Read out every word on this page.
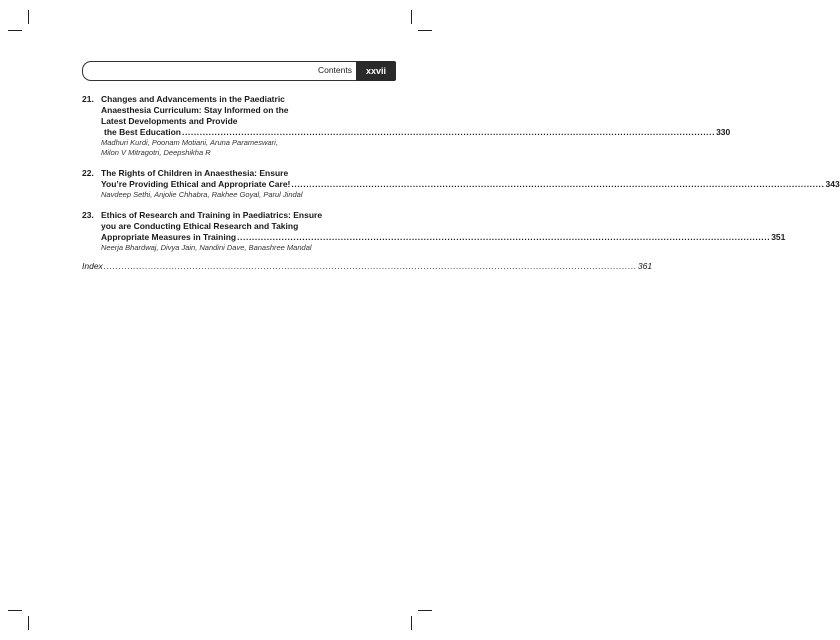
Contents	xxvii
21. Changes and Advancements in the Paediatric
Anaesthesia Curriculum: Stay Informed on the
Latest Developments and Provide
the Best Education .................................................................................................................................................................................... 330
Madhuri Kurdi, Poonam Motiani, Aruna Parameswari,
Milon V Mitragotri, Deepshikha R
22. The Rights of Children in Anaesthesia: Ensure
You’re Providing Ethical and Appropriate Care! .................................................................................................................................................................................... 343
Navdeep Sethi, Anjolie Chhabra, Rakhee Goyal, Parul Jindal
23. Ethics of Research and Training in Paediatrics: Ensure
you are Conducting Ethical Research and Taking
Appropriate Measures in Training .................................................................................................................................................................................... 351
Neerja Bhardwaj, Divya Jain, Nandini Dave, Banashree Mandal
Index .................................................................................................................................................................................... 361
